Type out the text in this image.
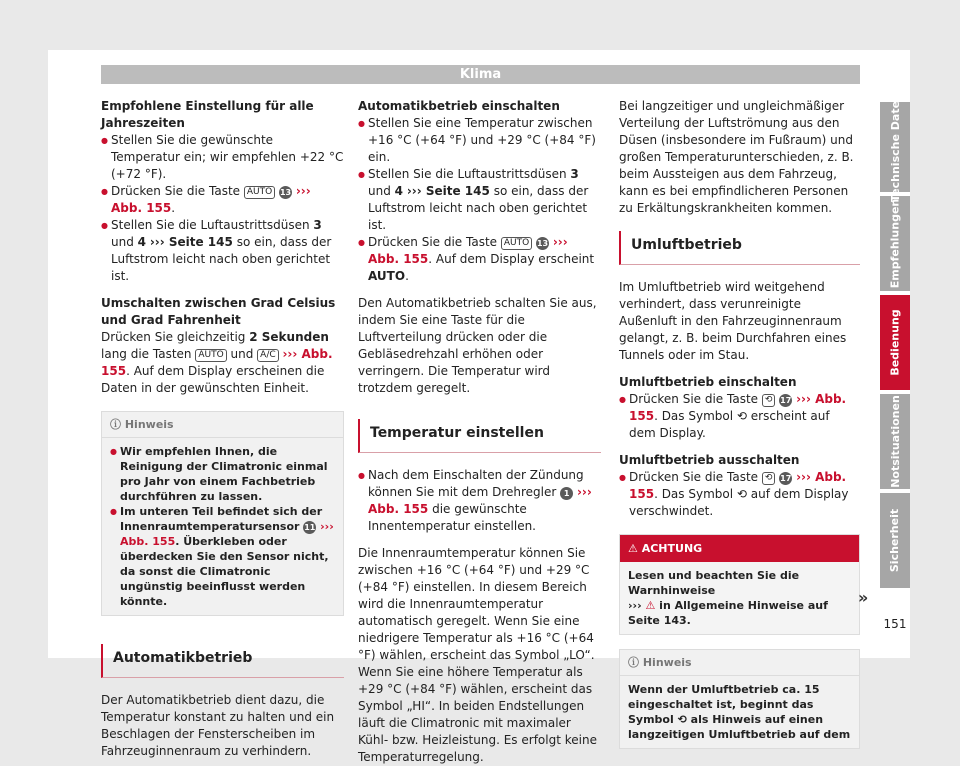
Klima

Empfohlene Einstellung für alle Jahreszeiten

● Stellen Sie die gewünschte Temperatur ein; wir empfehlen +22 °C (+72 °F).

● Drücken Sie die Taste AUTO 13 ››› Abb. 155.

● Stellen Sie die Luftaustrittsdüsen 3 und 4 ››› Seite 145 so ein, dass der Luftstrom leicht nach oben gerichtet ist.

Umschalten zwischen Grad Celsius und Grad Fahrenheit

Drücken Sie gleichzeitig 2 Sekunden lang die Tasten AUTO und A/C ››› Abb. 155. Auf dem Display erscheinen die Daten in der gewünschten Einheit.

ⓘ Hinweis

● Wir empfehlen Ihnen, die Reinigung der Climatronic einmal pro Jahr von einem Fachbetrieb durchführen zu lassen.

● Im unteren Teil befindet sich der Innenraumtemperatursensor 11 ››› Abb. 155. Überkleben oder überdecken Sie den Sensor nicht, da sonst die Climatronic ungünstig beeinflusst werden könnte.

Automatikbetrieb

Der Automatikbetrieb dient dazu, die Temperatur konstant zu halten und ein Beschlagen der Fensterscheiben im Fahrzeuginnenraum zu verhindern.

Automatikbetrieb einschalten

● Stellen Sie eine Temperatur zwischen +16 °C (+64 °F) und +29 °C (+84 °F) ein.

● Stellen Sie die Luftaustrittsdüsen 3 und 4 ››› Seite 145 so ein, dass der Luftstrom leicht nach oben gerichtet ist.

● Drücken Sie die Taste AUTO 13 ››› Abb. 155. Auf dem Display erscheint AUTO.

Den Automatikbetrieb schalten Sie aus, indem Sie eine Taste für die Luftverteilung drücken oder die Gebläsedrehzahl erhöhen oder verringern. Die Temperatur wird trotzdem geregelt.

Temperatur einstellen

● Nach dem Einschalten der Zündung können Sie mit dem Drehregler 1 ››› Abb. 155 die gewünschte Innentemperatur einstellen.

Die Innenraumtemperatur können Sie zwischen +16 °C (+64 °F) und +29 °C (+84 °F) einstellen. In diesem Bereich wird die Innenraumtemperatur automatisch geregelt. Wenn Sie eine niedrigere Temperatur als +16 °C (+64 °F) wählen, erscheint das Symbol „LO“. Wenn Sie eine höhere Temperatur als +29 °C (+84 °F) wählen, erscheint das Symbol „HI“. In beiden Endstellungen läuft die Climatronic mit maximaler Kühl- bzw. Heizleistung. Es erfolgt keine Temperaturregelung.

Bei langzeitiger und ungleichmäßiger Verteilung der Luftströmung aus den Düsen (insbesondere im Fußraum) und großen Temperaturunterschieden, z. B. beim Aussteigen aus dem Fahrzeug, kann es bei empfindlicheren Personen zu Erkältungskrankheiten kommen.

Umluftbetrieb

Im Umluftbetrieb wird weitgehend verhindert, dass verunreinigte Außenluft in den Fahrzeuginnenraum gelangt, z. B. beim Durchfahren eines Tunnels oder im Stau.

Umluftbetrieb einschalten

● Drücken Sie die Taste ⟲ 17 ››› Abb. 155. Das Symbol ⟲ erscheint auf dem Display.

Umluftbetrieb ausschalten

● Drücken Sie die Taste ⟲ 17 ››› Abb. 155. Das Symbol ⟲ auf dem Display verschwindet.

⚠ ACHTUNG
Lesen und beachten Sie die Warnhinweise
››› ⚠ in Allgemeine Hinweise auf Seite 143.
ⓘ Hinweis
Wenn der Umluftbetrieb ca. 15 eingeschaltet ist, beginnt das Symbol ⟲ als Hinweis auf einen langzeitigen Umluftbetrieb auf dem
»
Technische Daten
Empfehlungen
Bedienung
Notsituationen
Sicherheit
151
